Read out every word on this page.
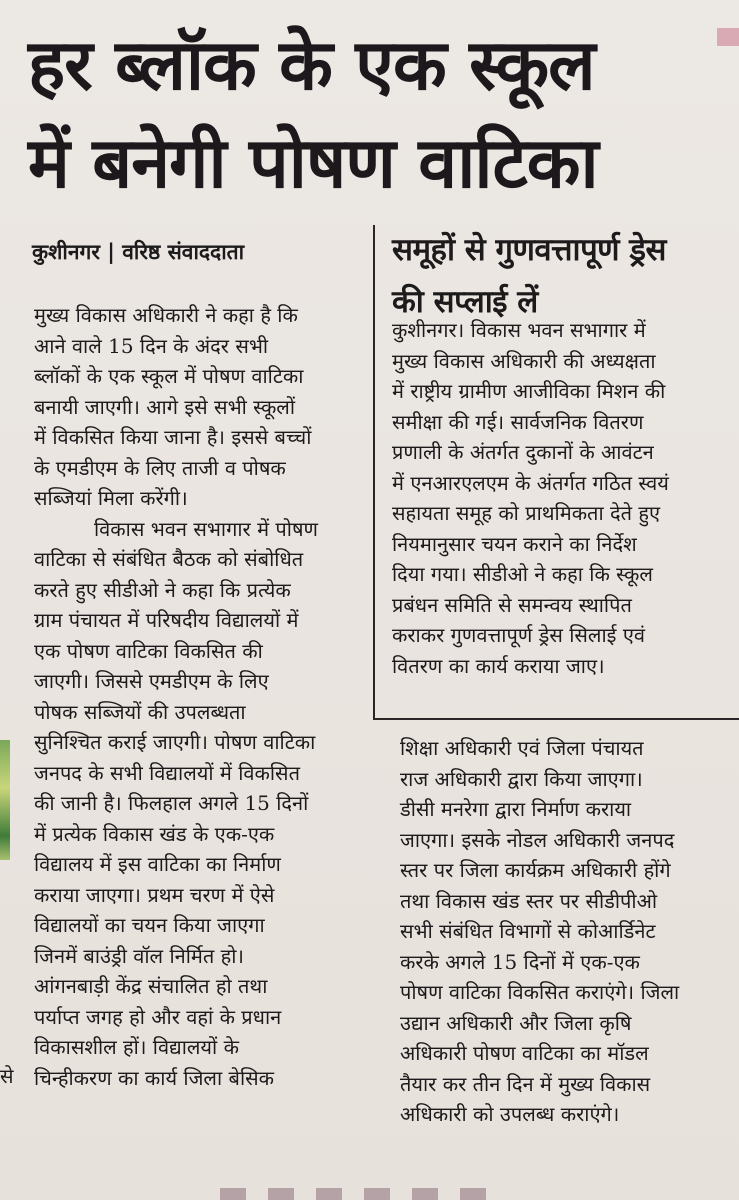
से
हर ब्लॉक के एक स्कूल
में बनेगी पोषण वाटिका
कुशीनगर | वरिष्ठ संवाददाता	समूहों से गुणवत्तापूर्ण ड्रेस
की सप्लाई लें
मुख्य विकास अधिकारी ने कहा है कि
आने वाले 15 दिन के अंदर सभी
ब्लॉकों के एक स्कूल में पोषण वाटिका
बनायी जाएगी। आगे इसे सभी स्कूलों
में विकसित किया जाना है। इससे बच्चों
के एमडीएम के लिए ताजी व पोषक
सब्जियां मिला करेंगी।
विकास भवन सभागार में पोषण
वाटिका से संबंधित बैठक को संबोधित
करते हुए सीडीओ ने कहा कि प्रत्येक
ग्राम पंचायत में परिषदीय विद्यालयों में
एक पोषण वाटिका विकसित की
जाएगी। जिससे एमडीएम के लिए
पोषक सब्जियों की उपलब्धता
सुनिश्चित कराई जाएगी। पोषण वाटिका
जनपद के सभी विद्यालयों में विकसित
की जानी है। फिलहाल अगले 15 दिनों
में प्रत्येक विकास खंड के एक-एक
विद्यालय में इस वाटिका का निर्माण
कराया जाएगा। प्रथम चरण में ऐसे
विद्यालयों का चयन किया जाएगा
जिनमें बाउंड्री वॉल निर्मित हो।
आंगनबाड़ी केंद्र संचालित हो तथा
पर्याप्त जगह हो और वहां के प्रधान
विकासशील हों। विद्यालयों के
चिन्हीकरण का कार्य जिला बेसिक
कुशीनगर। विकास भवन सभागार में
मुख्य विकास अधिकारी की अध्यक्षता
में राष्ट्रीय ग्रामीण आजीविका मिशन की
समीक्षा की गई। सार्वजनिक वितरण
प्रणाली के अंतर्गत दुकानों के आवंटन
में एनआरएलएम के अंतर्गत गठित स्वयं
सहायता समूह को प्राथमिकता देते हुए
नियमानुसार चयन कराने का निर्देश
दिया गया। सीडीओ ने कहा कि स्कूल
प्रबंधन समिति से समन्वय स्थापित
कराकर गुणवत्तापूर्ण ड्रेस सिलाई एवं
वितरण का कार्य कराया जाए।
शिक्षा अधिकारी एवं जिला पंचायत
राज अधिकारी द्वारा किया जाएगा।
डीसी मनरेगा द्वारा निर्माण कराया
जाएगा। इसके नोडल अधिकारी जनपद
स्तर पर जिला कार्यक्रम अधिकारी होंगे
तथा विकास खंड स्तर पर सीडीपीओ
सभी संबंधित विभागों से कोआर्डिनेट
करके अगले 15 दिनों में एक-एक
पोषण वाटिका विकसित कराएंगे। जिला
उद्यान अधिकारी और जिला कृषि
अधिकारी पोषण वाटिका का मॉडल
तैयार कर तीन दिन में मुख्य विकास
अधिकारी को उपलब्ध कराएंगे।
